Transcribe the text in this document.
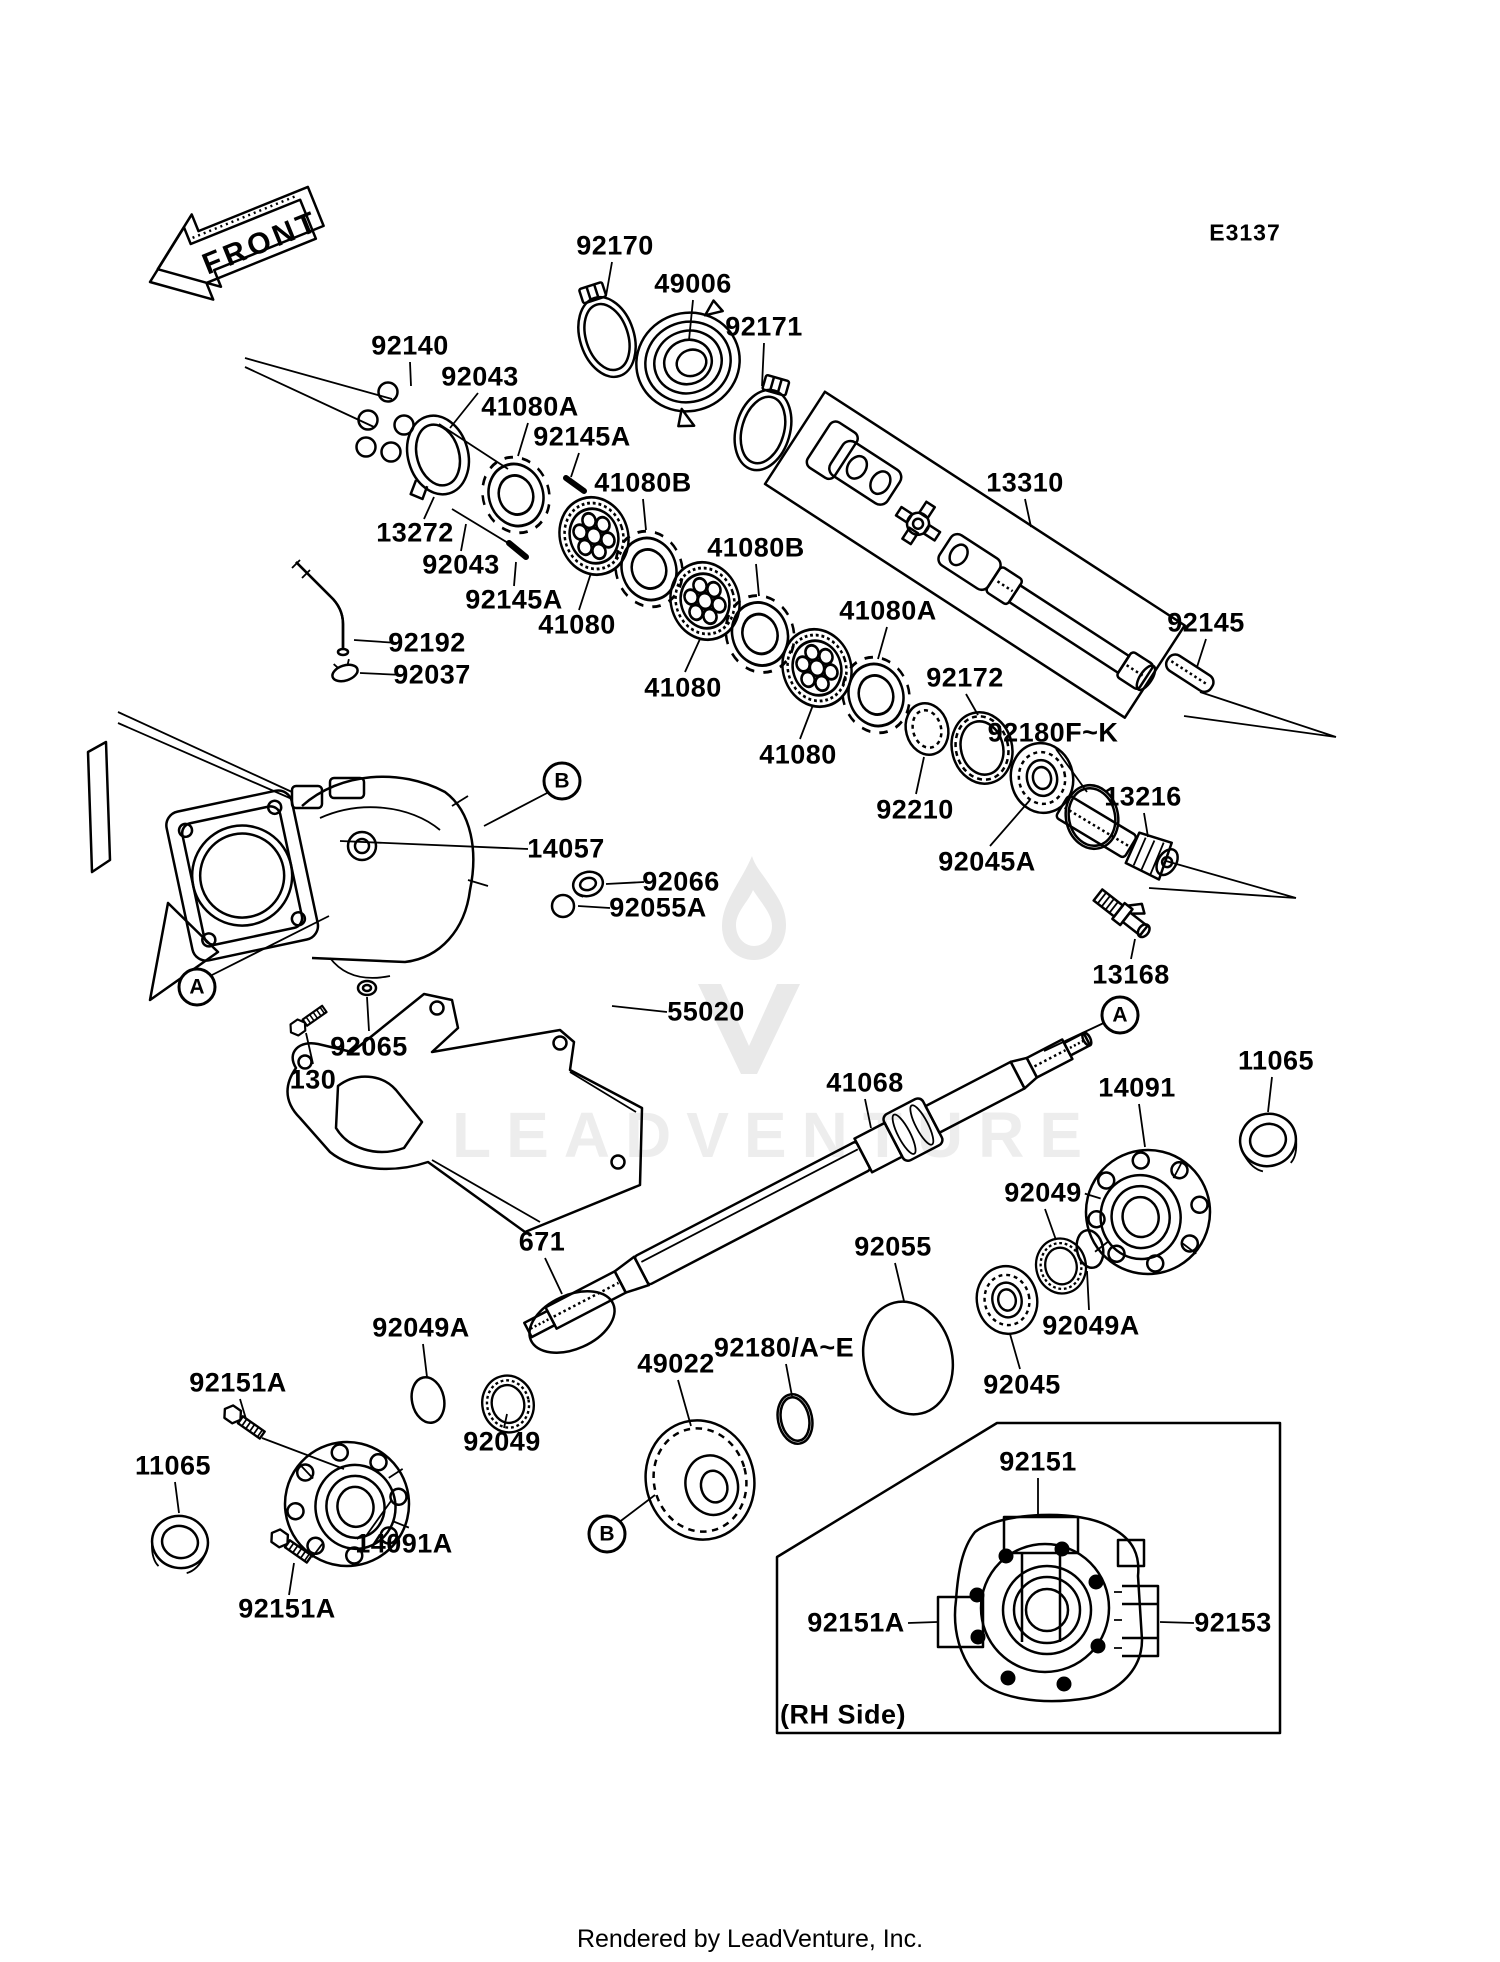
LEADVENTURE
FRONT	92170
49006
92171
92140
92043
41080A
92145A
41080B	13310
13272
92043
41080B
92145A
41080	41080A	92145
92192
92037	41080	92172
92180F~K
41080
92210	13216
14057
92066
92055A
92045A
13168
55020
92065
130	41068	14091
11065
92049
671	92055
92049A
92045
92049A
92151A
92180/A~E
49022
11065
92049
14091A
92151A
92151
92151A	92153
(RH Side)
B
A
A
B
E3137
Rendered by LeadVenture, Inc.
